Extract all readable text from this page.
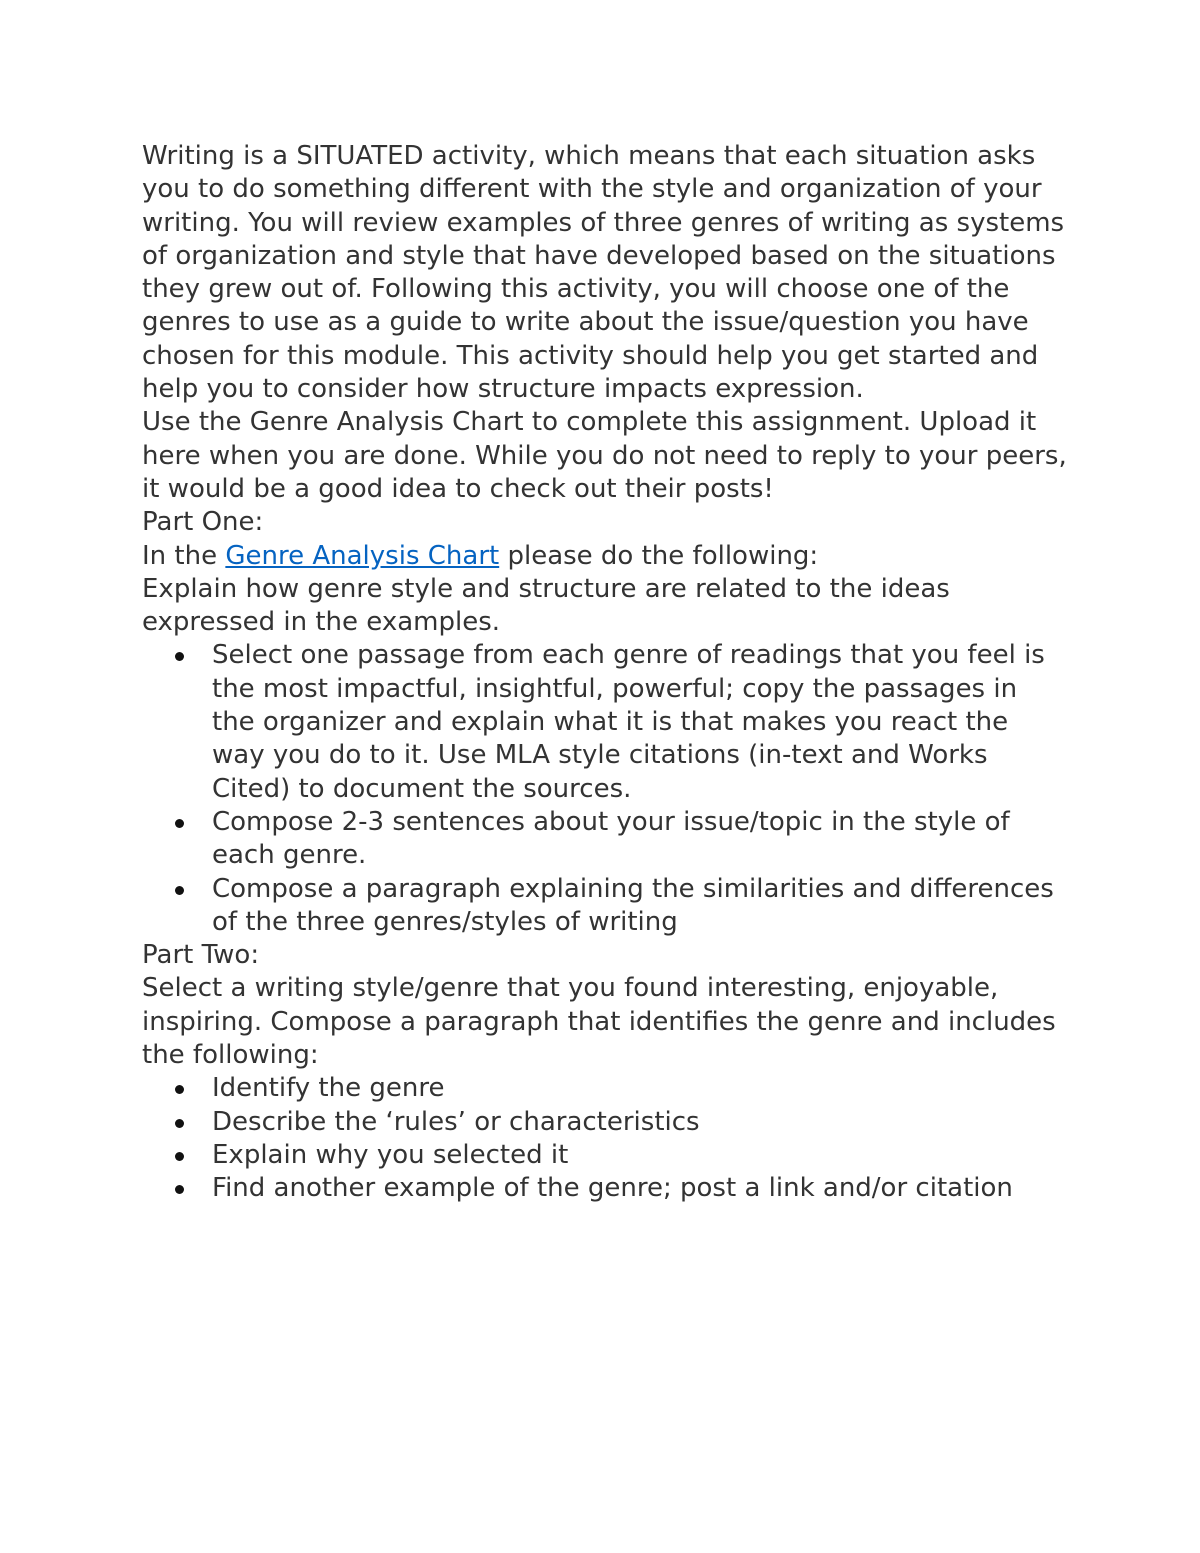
Writing is a SITUATED activity, which means that each situation asks you to do something different with the style and organization of your writing. You will review examples of three genres of writing as systems of organization and style that have developed based on the situations they grew out of. Following this activity, you will choose one of the genres to use as a guide to write about the issue/question you have chosen for this module. This activity should help you get started and help you to consider how structure impacts expression.

Use the Genre Analysis Chart to complete this assignment. Upload it here when you are done. While you do not need to reply to your peers, it would be a good idea to check out their posts!

Part One:

In the Genre Analysis Chart please do the following:

Explain how genre style and structure are related to the ideas expressed in the examples.

Select one passage from each genre of readings that you feel is the most impactful, insightful, powerful; copy the passages in the organizer and explain what it is that makes you react the way you do to it. Use MLA style citations (in-text and Works Cited) to document the sources.
Compose 2-3 sentences about your issue/topic in the style of each genre.
Compose a paragraph explaining the similarities and differences of the three genres/styles of writing

Part Two:

Select a writing style/genre that you found interesting, enjoyable, inspiring. Compose a paragraph that identifies the genre and includes the following:

Identify the genre
Describe the ‘rules’ or characteristics
Explain why you selected it
Find another example of the genre; post a link and/or citation
